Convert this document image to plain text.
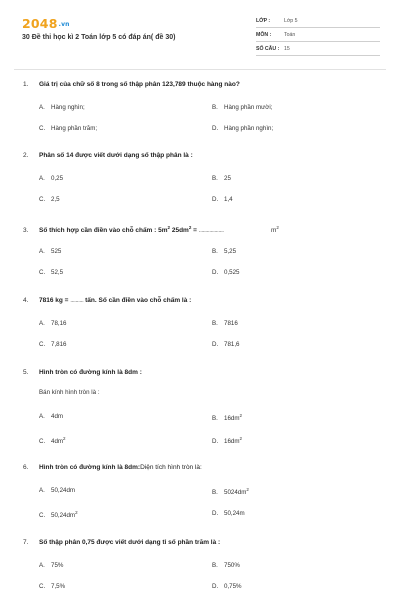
2048.vn
30 Đề thi học kì 2 Toán lớp 5 có đáp án( đề 30)
LỚP :	Lớp 5
MÔN : Toán
SỐ CÂU : 15
1. Giá trị của chữ số 8 trong số thập phân 123,789 thuộc hàng nào?
A. Hàng nghìn;	B. Hàng phần mười;
C. Hàng phần trăm;	D. Hàng phần nghìn;
2. Phân số 14 được viết dưới dạng số thập phân là :
A. 0,25	B. 25
C. 2,5	D. 1,4
3. Số thích hợp cần điền vào chỗ chấm : $5m^2$ $25dm^2$ = ...................	$m^2$
A. 525	B. 5,25
C. 52,5	D. 0,525
4. 7816 kg = .......... tấn. Số cần điền vào chỗ chấm là :
A. 78,16	B. 7816
C. 7,816	D. 781,6
5. Hình tròn có đường kính là 8dm :
Bán kính hình tròn là :
A. 4dm	B. $16dm^2$
C. $4dm^2$	D. $16dm^2$
6. Hình tròn có đường kính là 8dm:Diện tích hình tròn là:
A. 50,24dm	B. $5024dm^2$
C. $50,24dm^2$	D. 50,24m
7. Số thập phân 0,75 được viết dưới dạng tỉ số phần trăm là :
A. 75%	B. 750%
C. 7,5%	D. 0,75%
